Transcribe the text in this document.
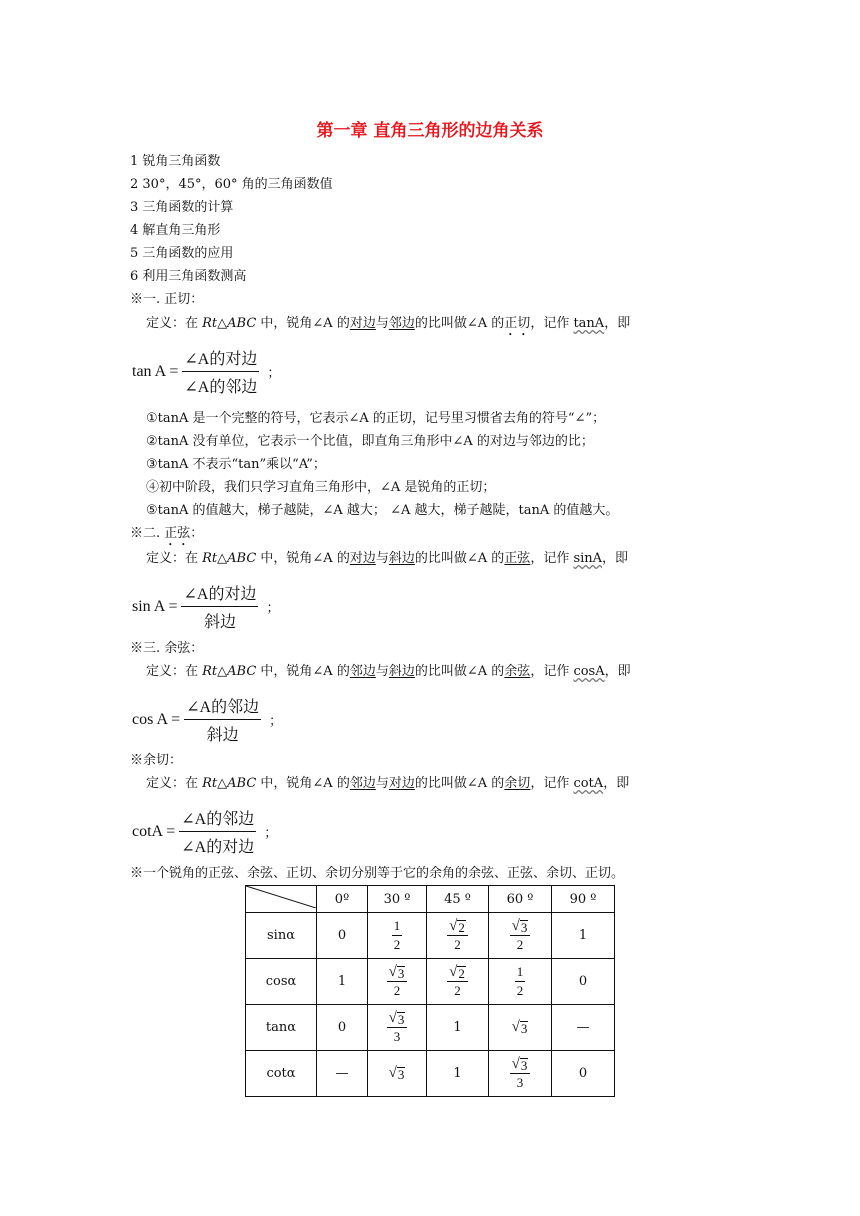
第一章 直角三角形的边角关系
1 锐角三角函数
2 30°，45°，60° 角的三角函数值
3 三角函数的计算
4 解直角三角形
5 三角函数的应用
6 利用三角函数测高
※一. 正切：
定义：在 Rt△ABC 中，锐角∠A 的对边与邻边的比叫做∠A 的正切，记作 tanA，即
$\tan A = \frac{\text{∠A的对边}}{\text{∠A的邻边}}$ ；
①tanA 是一个完整的符号，它表示∠A 的正切，记号里习惯省去角的符号“∠”；
②tanA 没有单位，它表示一个比值，即直角三角形中∠A 的对边与邻边的比；
③tanA 不表示“tan”乘以“A”；
④初中阶段，我们只学习直角三角形中，∠A 是锐角的正切；
⑤tanA 的值越大，梯子越陡，∠A 越大； ∠A 越大，梯子越陡，tanA 的值越大。
※二. 正弦：
定义：在 Rt△ABC 中，锐角∠A 的对边与斜边的比叫做∠A 的正弦，记作 sinA，即
$\sin A = \frac{\text{∠A的对边}}{\text{斜边}}$ ；
※三. 余弦：
定义：在 Rt△ABC 中，锐角∠A 的邻边与斜边的比叫做∠A 的余弦，记作 cosA，即
$\cos A = \frac{\text{∠A的邻边}}{\text{斜边}}$ ；
※余切：
定义：在 Rt△ABC 中，锐角∠A 的邻边与对边的比叫做∠A 的余切，记作 cotA，即
$\cot A = \frac{\text{∠A的邻边}}{\text{∠A的对边}}$ ；
※一个锐角的正弦、余弦、正切、余切分别等于它的余角的余弦、正弦、余切、正切。
	0º	30 º	45 º	60 º	90 º
sinα	0	$\frac{1}{2}$	$\frac{√ 2}{2}$	$\frac{√ 3}{2}$	1
cosα	1	$\frac{√ 3}{2}$	$\frac{√ 2}{2}$	$\frac{1}{2}$	0
tanα	0	$\frac{√ 3}{3}$	1	√ 3	—
cotα	—	√ 3	1	$\frac{√ 3}{3}$	0
